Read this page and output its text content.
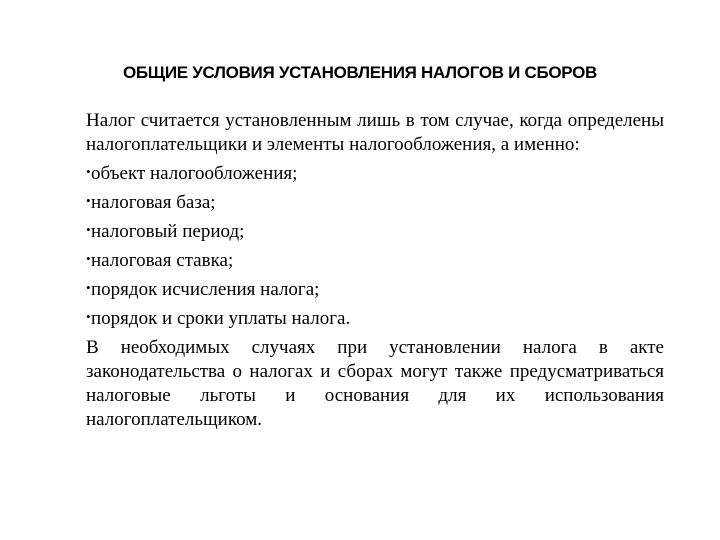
ОБЩИЕ УСЛОВИЯ УСТАНОВЛЕНИЯ НАЛОГОВ И СБОРОВ

Налог считается установленным лишь в том случае, когда определены налогоплательщики и элементы налогообложения, а именно:

•объект налогообложения;
•налоговая база;
•налоговый период;
•налоговая ставка;
•порядок исчисления налога;
•порядок и сроки уплаты налога.

В необходимых случаях при установлении налога в акте законодательства о налогах и сборах могут также предусматриваться налоговые льготы и основания для их использования налогоплательщиком.
